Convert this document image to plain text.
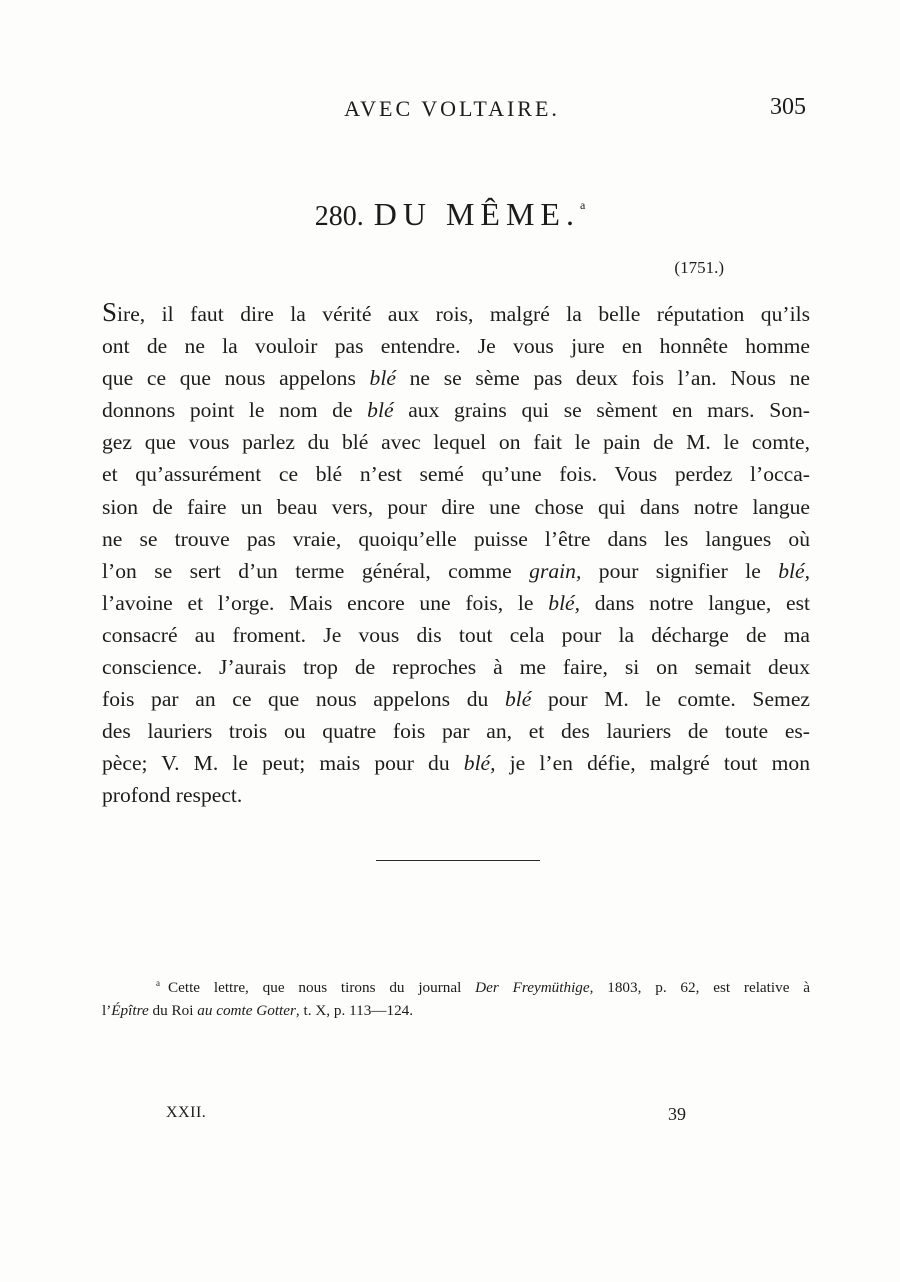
AVEC VOLTAIRE.	305
280. DU MÊME.$^a$
(1751.)
Sire, il faut dire la vérité aux rois, malgré la belle réputation qu’ils
ont de ne la vouloir pas entendre. Je vous jure en honnête homme
que ce que nous appelons blé ne se sème pas deux fois l’an. Nous ne
donnons point le nom de blé aux grains qui se sèment en mars. Son-
gez que vous parlez du blé avec lequel on fait le pain de M. le comte,
et qu’assurément ce blé n’est semé qu’une fois. Vous perdez l’occa-
sion de faire un beau vers, pour dire une chose qui dans notre langue
ne se trouve pas vraie, quoiqu’elle puisse l’être dans les langues où
l’on se sert d’un terme général, comme grain, pour signifier le blé,
l’avoine et l’orge. Mais encore une fois, le blé, dans notre langue, est
consacré au froment. Je vous dis tout cela pour la décharge de ma
conscience. J’aurais trop de reproches à me faire, si on semait deux
fois par an ce que nous appelons du blé pour M. le comte. Semez
des lauriers trois ou quatre fois par an, et des lauriers de toute es-
pèce; V. M. le peut; mais pour du blé, je l’en défie, malgré tout mon
profond respect.
$^a$ Cette lettre, que nous tirons du journal Der Freymüthige, 1803, p. 62, est relative à
l’Épître du Roi au comte Gotter, t. X, p. 113—124.
XXII.	39
